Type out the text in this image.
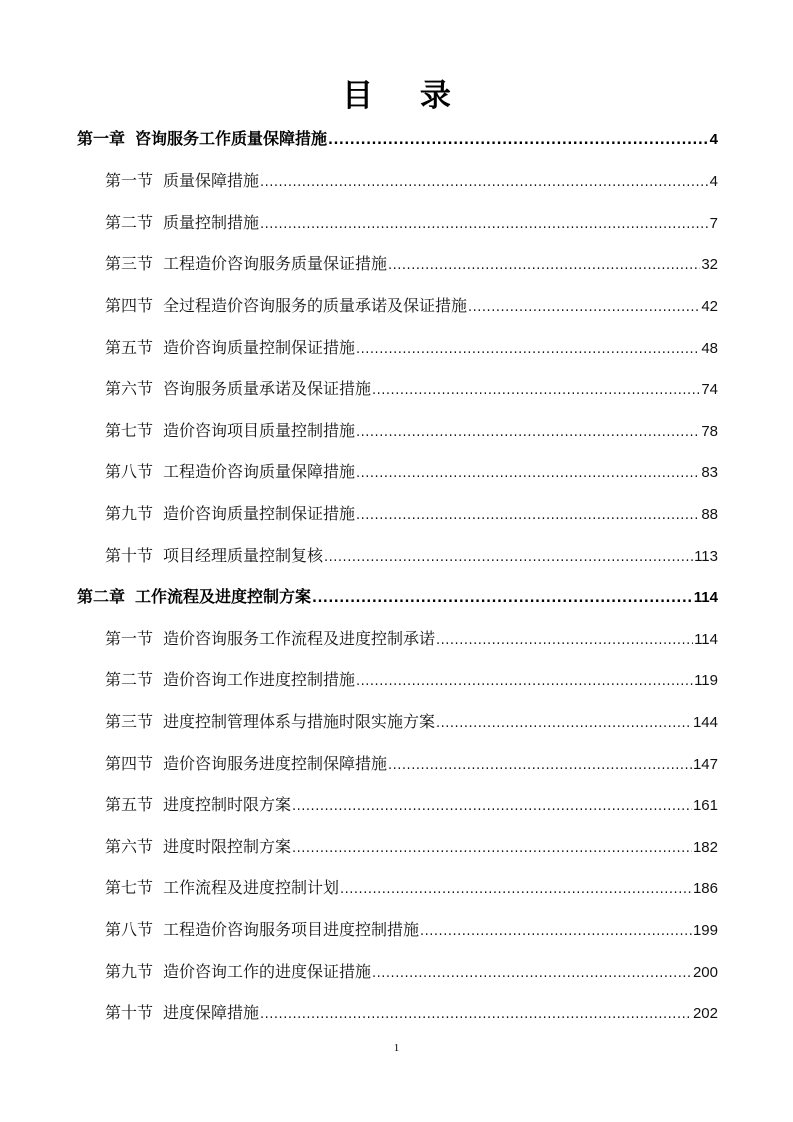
目 录
第一章 咨询服务工作质量保障措施 .....	4
第一节 质量保障措施 .....	4
第二节 质量控制措施 .....	7
第三节 工程造价咨询服务质量保证措施 .....	32
第四节 全过程造价咨询服务的质量承诺及保证措施 .....	42
第五节 造价咨询质量控制保证措施 .....	48
第六节 咨询服务质量承诺及保证措施 .....	74
第七节 造价咨询项目质量控制措施 .....	78
第八节 工程造价咨询质量保障措施 .....	83
第九节 造价咨询质量控制保证措施 .....	88
第十节 项目经理质量控制复核 .....	113
第二章 工作流程及进度控制方案 .....	114
第一节 造价咨询服务工作流程及进度控制承诺 .....	114
第二节 造价咨询工作进度控制措施 .....	119
第三节 进度控制管理体系与措施时限实施方案 .....	144
第四节 造价咨询服务进度控制保障措施 .....	147
第五节 进度控制时限方案 .....	161
第六节 进度时限控制方案 .....	182
第七节 工作流程及进度控制计划 .....	186
第八节 工程造价咨询服务项目进度控制措施 .....	199
第九节 造价咨询工作的进度保证措施 .....	200
第十节 进度保障措施 .....	202
1
